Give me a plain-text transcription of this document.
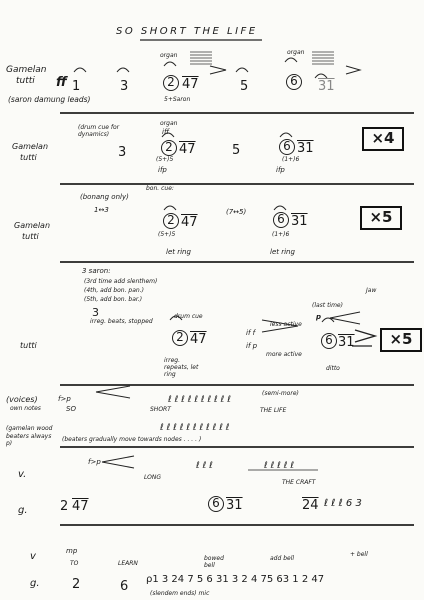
SO SHORT THE LIFE
Gamelan
tutti ff
(saron damung leads)
organ	organ
1	3	2 47	5	6	31
5+Saron
Gamelan
tutti
(drum cue for dynamics)
organ
iff
3	2 47	5	6 31
(5+)5	(1+)6
ifp	ifp
×4
Gamelan
tutti
(bonang only)
bon. cue:
1↔3	(7↔5)
2 47	6 31
(5+)5	(1+)6
let ring	let ring
×5
3 saron:
(3rd time add slenthem)
(4th, add bon. pan.)
(5th, add bon. bar.)
3
irreg. beats, stopped
drum cue
2 47	if f
if p
less active
more active
irreg. repeats, let ring
tutti
(last time)
p
Jaw
6 31
ditto
×5
(voices)
own notes
f>p
SO	SHORT	THE LIFE
(semi-more)
ℓ ℓ ℓ ℓ ℓ ℓ ℓ ℓ ℓ ℓ
(gamelan wood beaters always p)
ℓ ℓ ℓ ℓ ℓ ℓ ℓ ℓ ℓ ℓ ℓ
(beaters gradually move towards nodes . . . . )
v.
g.
f>p	ℓ ℓ ℓ
LONG
ℓ ℓ ℓ ℓ ℓ
THE CRAFT
2 47	6 31	24 ℓ ℓ ℓ 6 3
v
g.
mp
TO	LEARN
2	6
bowed bell
add bell
+ bell
ρ1 3 24 7 5 6 31 3 2 4 75 63 1 2 47
(slendem ends) mic
